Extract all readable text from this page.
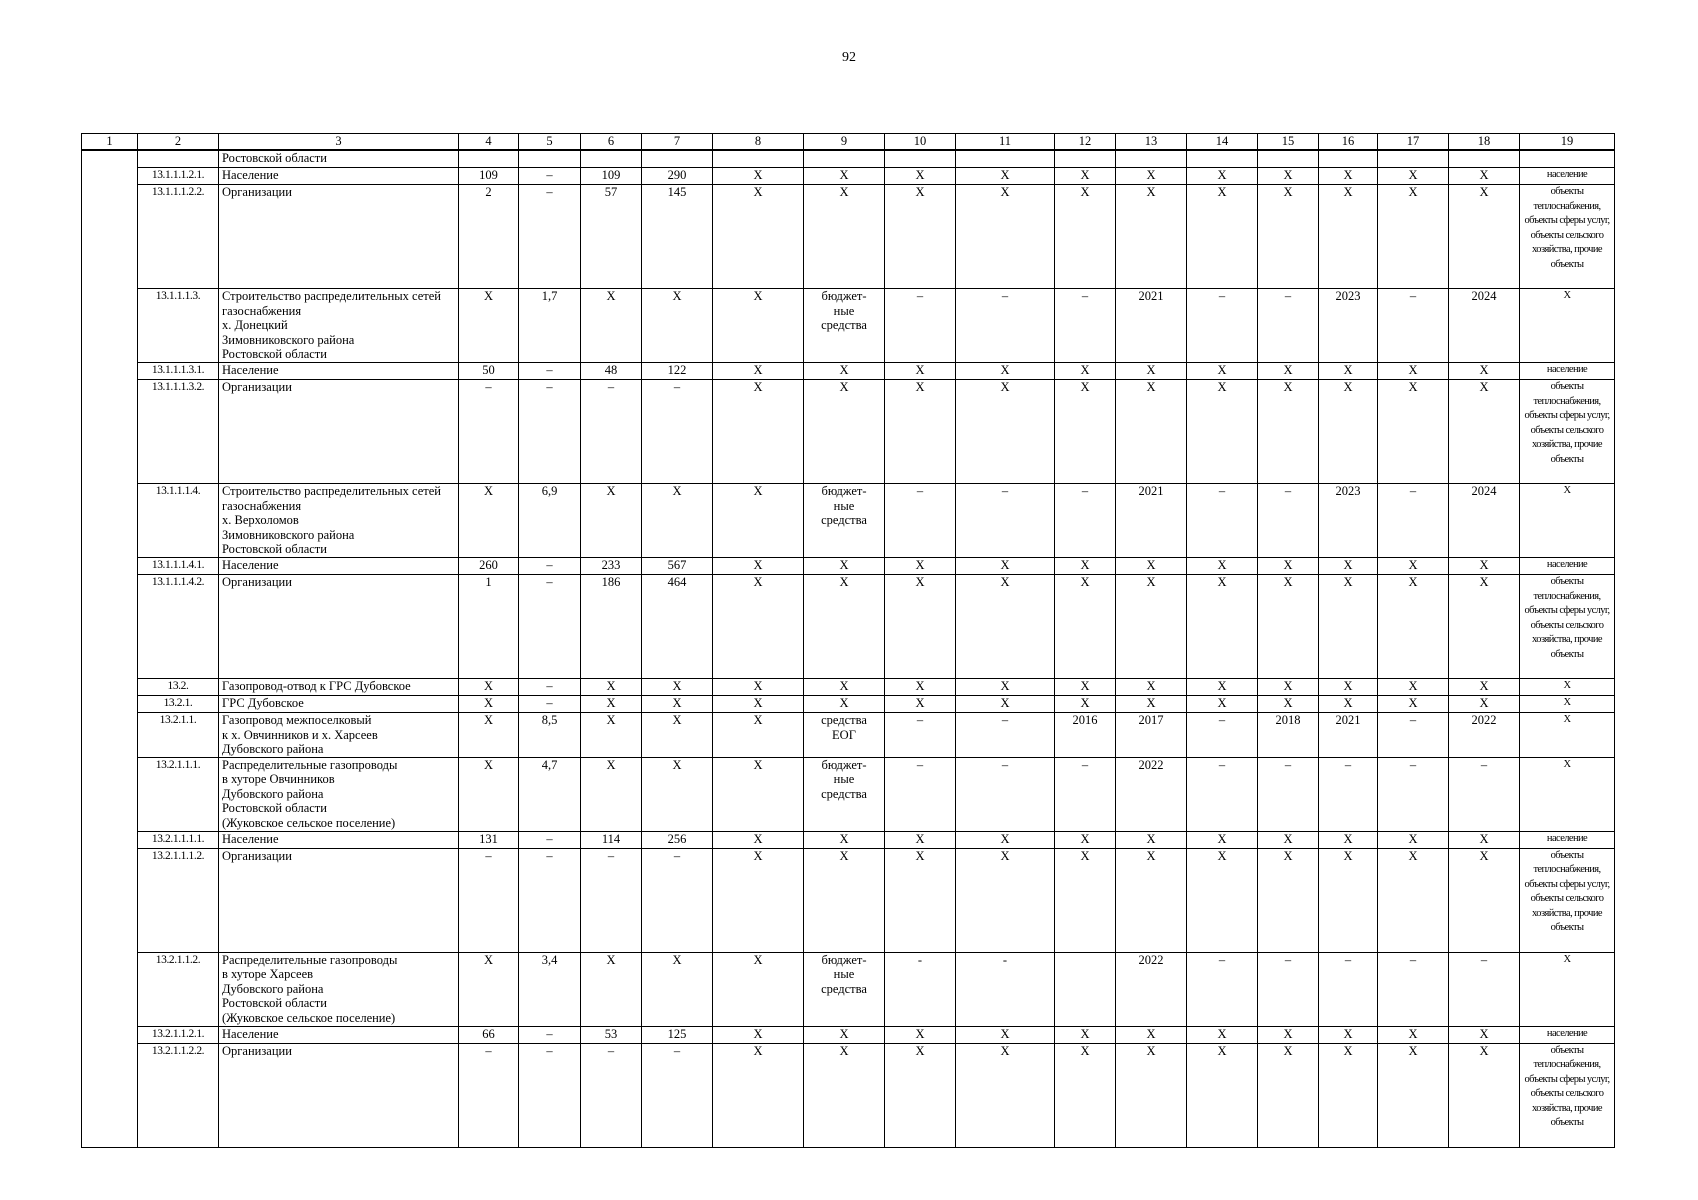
92
1	2	3	4	5	6	7	8	9	10	11	12	13	14	15	16	17	18	19
		Ростовской области																
	13.1.1.1.2.1.	Население	109	–	109	290	X	X	X	X	X	X	X	X	X	X	X	население
	13.1.1.1.2.2.	Организации	2	–	57	145	X	X	X	X	X	X	X	X	X	X	X	объекты теплоснабжения, объекты сферы услуг, объекты сельского хозяйства, прочие объекты
	13.1.1.1.3.	Строительство распределительных сетей газоснабжения
х. Донецкий
Зимовниковского района
Ростовской области	X	1,7	X	X	X	бюджет-
ные
средства	–	–	–	2021	–	–	2023	–	2024	X
	13.1.1.1.3.1.	Население	50	–	48	122	X	X	X	X	X	X	X	X	X	X	X	население
	13.1.1.1.3.2.	Организации	–	–	–	–	X	X	X	X	X	X	X	X	X	X	X	объекты теплоснабжения, объекты сферы услуг, объекты сельского хозяйства, прочие объекты
	13.1.1.1.4.	Строительство распределительных сетей газоснабжения
х. Верхоломов
Зимовниковского района
Ростовской области	X	6,9	X	X	X	бюджет-
ные
средства	–	–	–	2021	–	–	2023	–	2024	X
	13.1.1.1.4.1.	Население	260	–	233	567	X	X	X	X	X	X	X	X	X	X	X	население
	13.1.1.1.4.2.	Организации	1	–	186	464	X	X	X	X	X	X	X	X	X	X	X	объекты теплоснабжения, объекты сферы услуг, объекты сельского хозяйства, прочие объекты
	13.2.	Газопровод-отвод к ГРС Дубовское	X	–	X	X	X	X	X	X	X	X	X	X	X	X	X	X
	13.2.1.	ГРС Дубовское	X	–	X	X	X	X	X	X	X	X	X	X	X	X	X	X
	13.2.1.1.	Газопровод межпоселковый
к х. Овчинников и х. Харсеев
Дубовского района	X	8,5	X	X	X	средства
ЕОГ	–	–	2016	2017	–	2018	2021	–	2022	X
	13.2.1.1.1.	Распределительные газопроводы
в хуторе Овчинников
Дубовского района
Ростовской области
(Жуковское сельское поселение)	X	4,7	X	X	X	бюджет-
ные
средства	–	–	–	2022	–	–	–	–	–	X
	13.2.1.1.1.1.	Население	131	–	114	256	X	X	X	X	X	X	X	X	X	X	X	население
	13.2.1.1.1.2.	Организации	–	–	–	–	X	X	X	X	X	X	X	X	X	X	X	объекты теплоснабжения, объекты сферы услуг, объекты сельского хозяйства, прочие объекты
	13.2.1.1.2.	Распределительные газопроводы
в хуторе Харсеев
Дубовского района
Ростовской области
(Жуковское сельское поселение)	X	3,4	X	X	X	бюджет-
ные
средства	-	-		2022	–	–	–	–	–	X
	13.2.1.1.2.1.	Население	66	–	53	125	X	X	X	X	X	X	X	X	X	X	X	население
	13.2.1.1.2.2.	Организации	–	–	–	–	X	X	X	X	X	X	X	X	X	X	X	объекты теплоснабжения, объекты сферы услуг, объекты сельского хозяйства, прочие объекты
